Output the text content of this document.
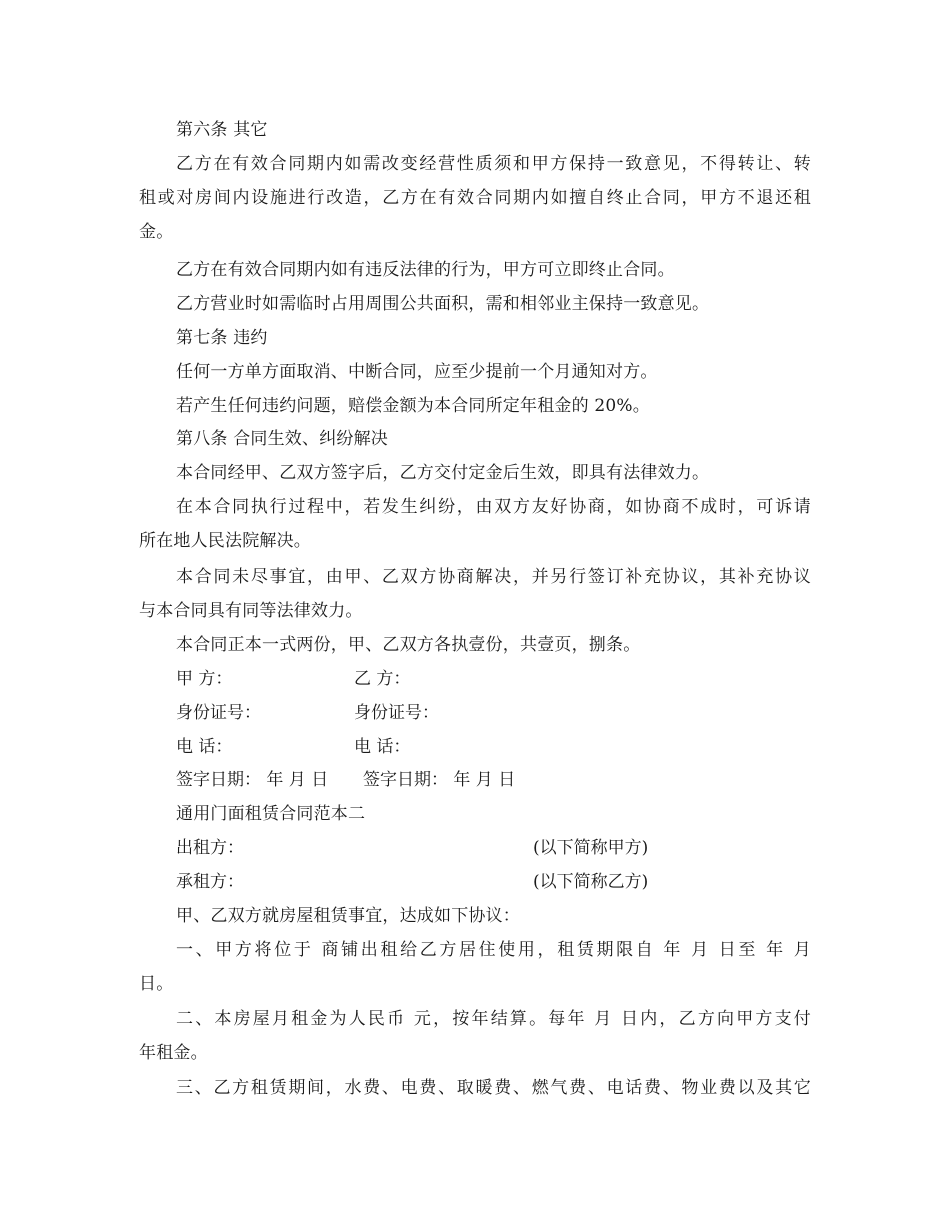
第六条 其它
乙方在有效合同期内如需改变经营性质须和甲方保持一致意见，不得转让、转
租或对房间内设施进行改造，乙方在有效合同期内如擅自终止合同，甲方不退还租
金。
乙方在有效合同期内如有违反法律的行为，甲方可立即终止合同。
乙方营业时如需临时占用周围公共面积，需和相邻业主保持一致意见。
第七条 违约
任何一方单方面取消、中断合同，应至少提前一个月通知对方。
若产生任何违约问题，赔偿金额为本合同所定年租金的 20%。
第八条 合同生效、纠纷解决
本合同经甲、乙双方签字后，乙方交付定金后生效，即具有法律效力。
在本合同执行过程中，若发生纠纷，由双方友好协商，如协商不成时，可诉请
所在地人民法院解决。
本合同未尽事宜，由甲、乙双方协商解决，并另行签订补充协议，其补充协议
与本合同具有同等法律效力。
本合同正本一式两份，甲、乙双方各执壹份，共壹页，捌条。
甲 方：	乙 方：
身份证号：	身份证号：
电 话：	电 话：
签字日期： 年 月 日 签字日期： 年 月 日
通用门面租赁合同范本二
出租方：	(以下简称甲方)
承租方：	(以下简称乙方)
甲、乙双方就房屋租赁事宜，达成如下协议：
一、甲方将位于 商铺出租给乙方居住使用，租赁期限自 年 月 日至 年 月
日。
二、本房屋月租金为人民币 元，按年结算。每年 月 日内，乙方向甲方支付
年租金。
三、乙方租赁期间，水费、电费、取暖费、燃气费、电话费、物业费以及其它
